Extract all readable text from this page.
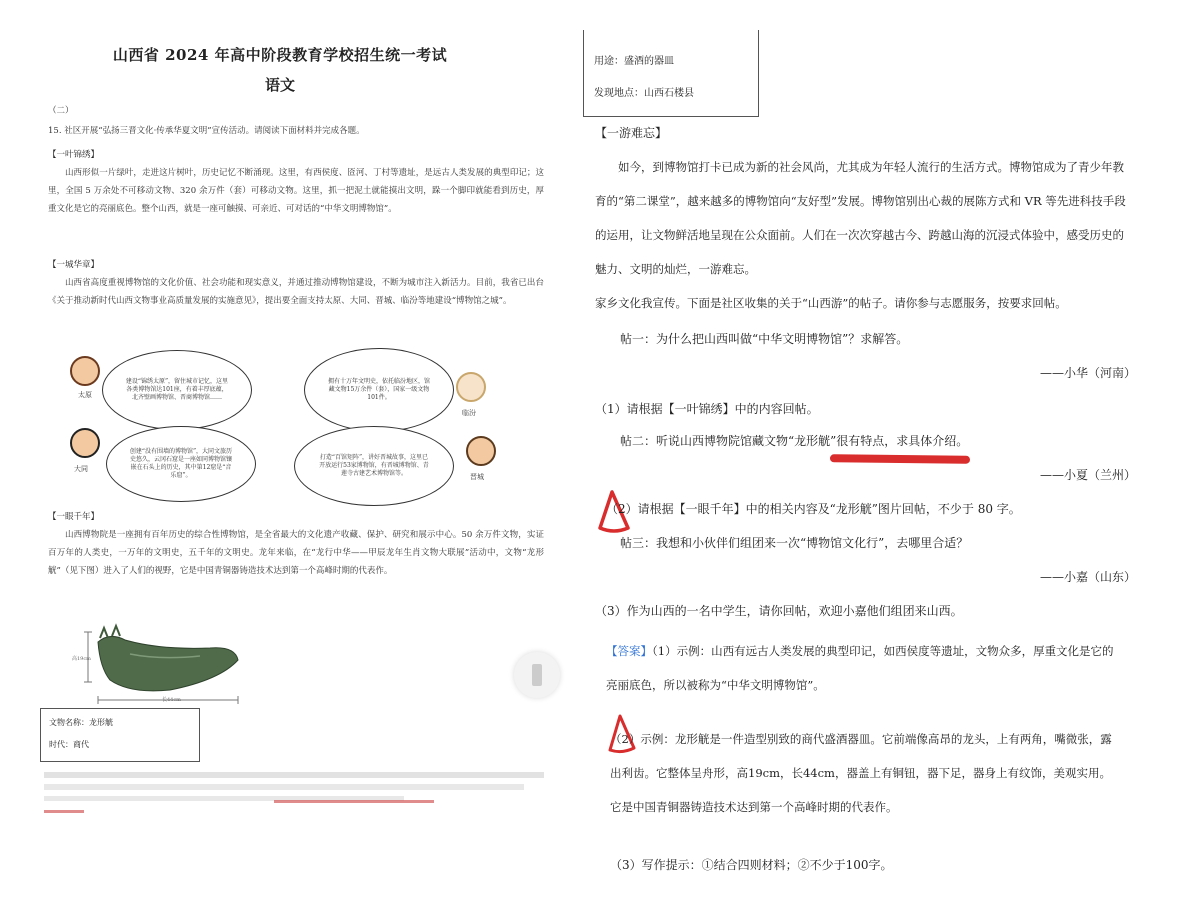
山西省 2024 年高中阶段教育学校招生统一考试
语文
（二）
15. 社区开展“弘扬三晋文化·传承华夏文明”宣传活动。请阅读下面材料并完成各题。
【一叶锦绣】
山西形似一片绿叶，走进这片树叶，历史记忆不断涌现。这里，有西侯度、匼河、丁村等遗址，是远古人类发展的典型印记；这里，全国 5 万余处不可移动文物、320 余万件（套）可移动文物。这里，抓一把泥土就能摸出文明，跺一个脚印就能看到历史，厚重文化是它的亮丽底色。整个山西，就是一座可触摸、可亲近、可对话的“中华文明博物馆”。
【一城华章】
山西省高度重视博物馆的文化价值、社会功能和现实意义，并通过推动博物馆建设，不断为城市注入新活力。目前，我省已出台《关于推动新时代山西文物事业高质量发展的实施意见》，提出要全面支持太原、大同、晋城、临汾等地建设“博物馆之城”。
太原
建设“锦绣太原”，留住城市记忆，这里各类博物馆达101座，有着丰厚底蕴，北齐壁画博物馆、晋商博物馆……
临汾
拥有十万年文明史，依托临汾地区，馆藏文物15万余件（套），国家一级文物101件。
大同
创建“没有围墙的博物馆”，大同文旅历史悠久，云冈石窟是一座如同博物馆镶嵌在石头上的历史，其中第12窟是“音乐窟”。	晋城
打造“百馆矩阵”，讲好晋城故事，这里已开放运行53家博物馆，有晋城博物馆、青莲寺古建艺术博物馆等。
【一眼千年】
山西博物院是一座拥有百年历史的综合性博物馆，是全省最大的文化遗产收藏、保护、研究和展示中心。50 余万件文物，实证百万年的人类史，一万年的文明史，五千年的文明史。龙年来临，在“龙行中华——甲辰龙年生肖文物大联展”活动中，文物“龙形觥”（见下图）进入了人们的视野，它是中国青铜器铸造技术达到第一个高峰时期的代表作。
高19cm
长44cm
文物名称：龙形觥
时代：商代
用途：盛酒的器皿
发现地点：山西石楼县
【一游难忘】
如今，到博物馆打卡已成为新的社会风尚，尤其成为年轻人流行的生活方式。博物馆成为了青少年教育的“第二课堂”，越来越多的博物馆向“友好型”发展。博物馆别出心裁的展陈方式和 VR 等先进科技手段的运用，让文物鲜活地呈现在公众面前。人们在一次次穿越古今、跨越山海的沉浸式体验中，感受历史的魅力、文明的灿烂，一游难忘。
家乡文化我宣传。下面是社区收集的关于“山西游”的帖子。请你参与志愿服务，按要求回帖。
帖一：为什么把山西叫做“中华文明博物馆”？求解答。
——小华（河南）
（1）请根据【一叶锦绣】中的内容回帖。
帖二：听说山西博物院馆藏文物“龙形觥”很有特点，求具体介绍。
——小夏（兰州）
（2）请根据【一眼千年】中的相关内容及“龙形觥”图片回帖，不少于 80 字。
帖三：我想和小伙伴们组团来一次“博物馆文化行”，去哪里合适？
——小嘉（山东）
（3）作为山西的一名中学生，请你回帖，欢迎小嘉他们组团来山西。
【答案】（1）示例：山西有远古人类发展的典型印记，如西侯度等遗址，文物众多，厚重文化是它的亮丽底色，所以被称为“中华文明博物馆”。
（2）示例：龙形觥是一件造型别致的商代盛酒器皿。它前端像高昂的龙头，上有两角，嘴微张，露出利齿。它整体呈舟形，高19cm，长44cm，器盖上有铜钮，器下足，器身上有纹饰，美观实用。它是中国青铜器铸造技术达到第一个高峰时期的代表作。
（3）写作提示：①结合四则材料；②不少于100字。
